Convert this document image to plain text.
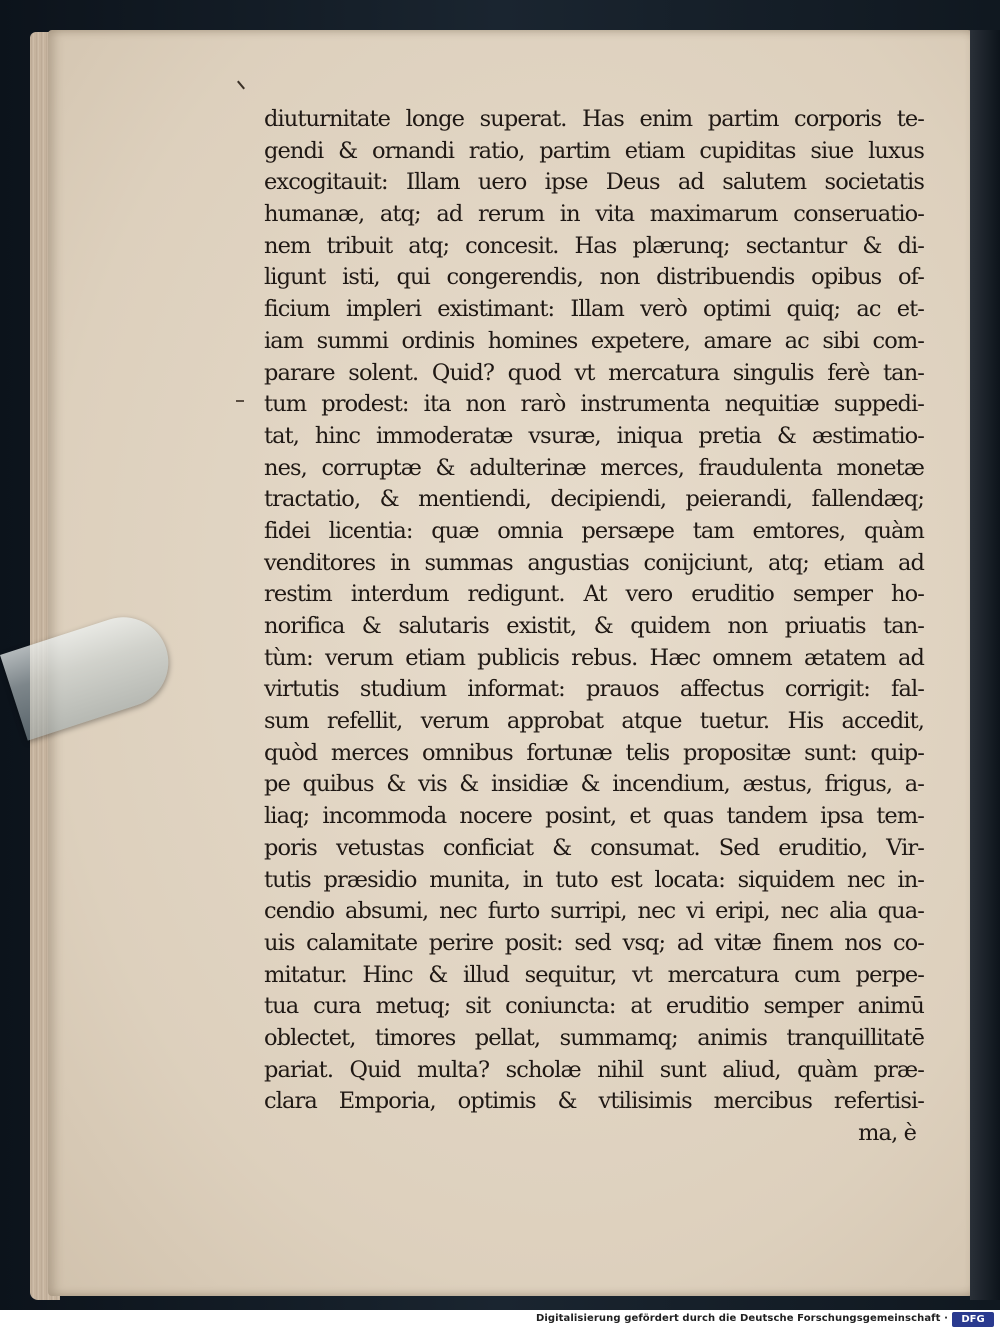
diuturnitate longe superat. Has enim partim corporis te-
gendi & ornandi ratio, partim etiam cupiditas siue luxus
excogitauit: Illam uero ipse Deus ad salutem societatis
humanæ, atq; ad rerum in vita maximarum conseruatio-
nem tribuit atq; concesit. Has plærunq; sectantur & di-
ligunt isti, qui congerendis, non distribuendis opibus of-
ficium impleri existimant: Illam verò optimi quiq; ac et-
iam summi ordinis homines expetere, amare ac sibi com-
parare solent. Quid? quod vt mercatura singulis ferè tan-
tum prodest: ita non rarò instrumenta nequitiæ suppedi-
tat, hinc immoderatæ vsuræ, iniqua pretia & æstimatio-
nes, corruptæ & adulterinæ merces, fraudulenta monetæ
tractatio, & mentiendi, decipiendi, peierandi, fallendæq;
fidei licentia: quæ omnia persæpe tam emtores, quàm
venditores in summas angustias conijciunt, atq; etiam ad
restim interdum redigunt. At vero eruditio semper ho-
norifica & salutaris existit, & quidem non priuatis tan-
tùm: verum etiam publicis rebus. Hæc omnem ætatem ad
virtutis studium informat: prauos affectus corrigit: fal-
sum refellit, verum approbat atque tuetur. His accedit,
quòd merces omnibus fortunæ telis propositæ sunt: quip-
pe quibus & vis & insidiæ & incendium, æstus, frigus, a-
liaq; incommoda nocere posint, et quas tandem ipsa tem-
poris vetustas conficiat & consumat. Sed eruditio, Vir-
tutis præsidio munita, in tuto est locata: siquidem nec in-
cendio absumi, nec furto surripi, nec vi eripi, nec alia qua-
uis calamitate perire posit: sed vsq; ad vitæ finem nos co-
mitatur. Hinc & illud sequitur, vt mercatura cum perpe-
tua cura metuq; sit coniuncta: at eruditio semper animū
oblectet, timores pellat, summamq; animis tranquillitatē
pariat. Quid multa? scholæ nihil sunt aliud, quàm præ-
clara Emporia, optimis & vtilisimis mercibus refertisi-
ma, è
Digitalisierung gefördert durch die Deutsche Forschungsgemeinschaft ·	DFG
